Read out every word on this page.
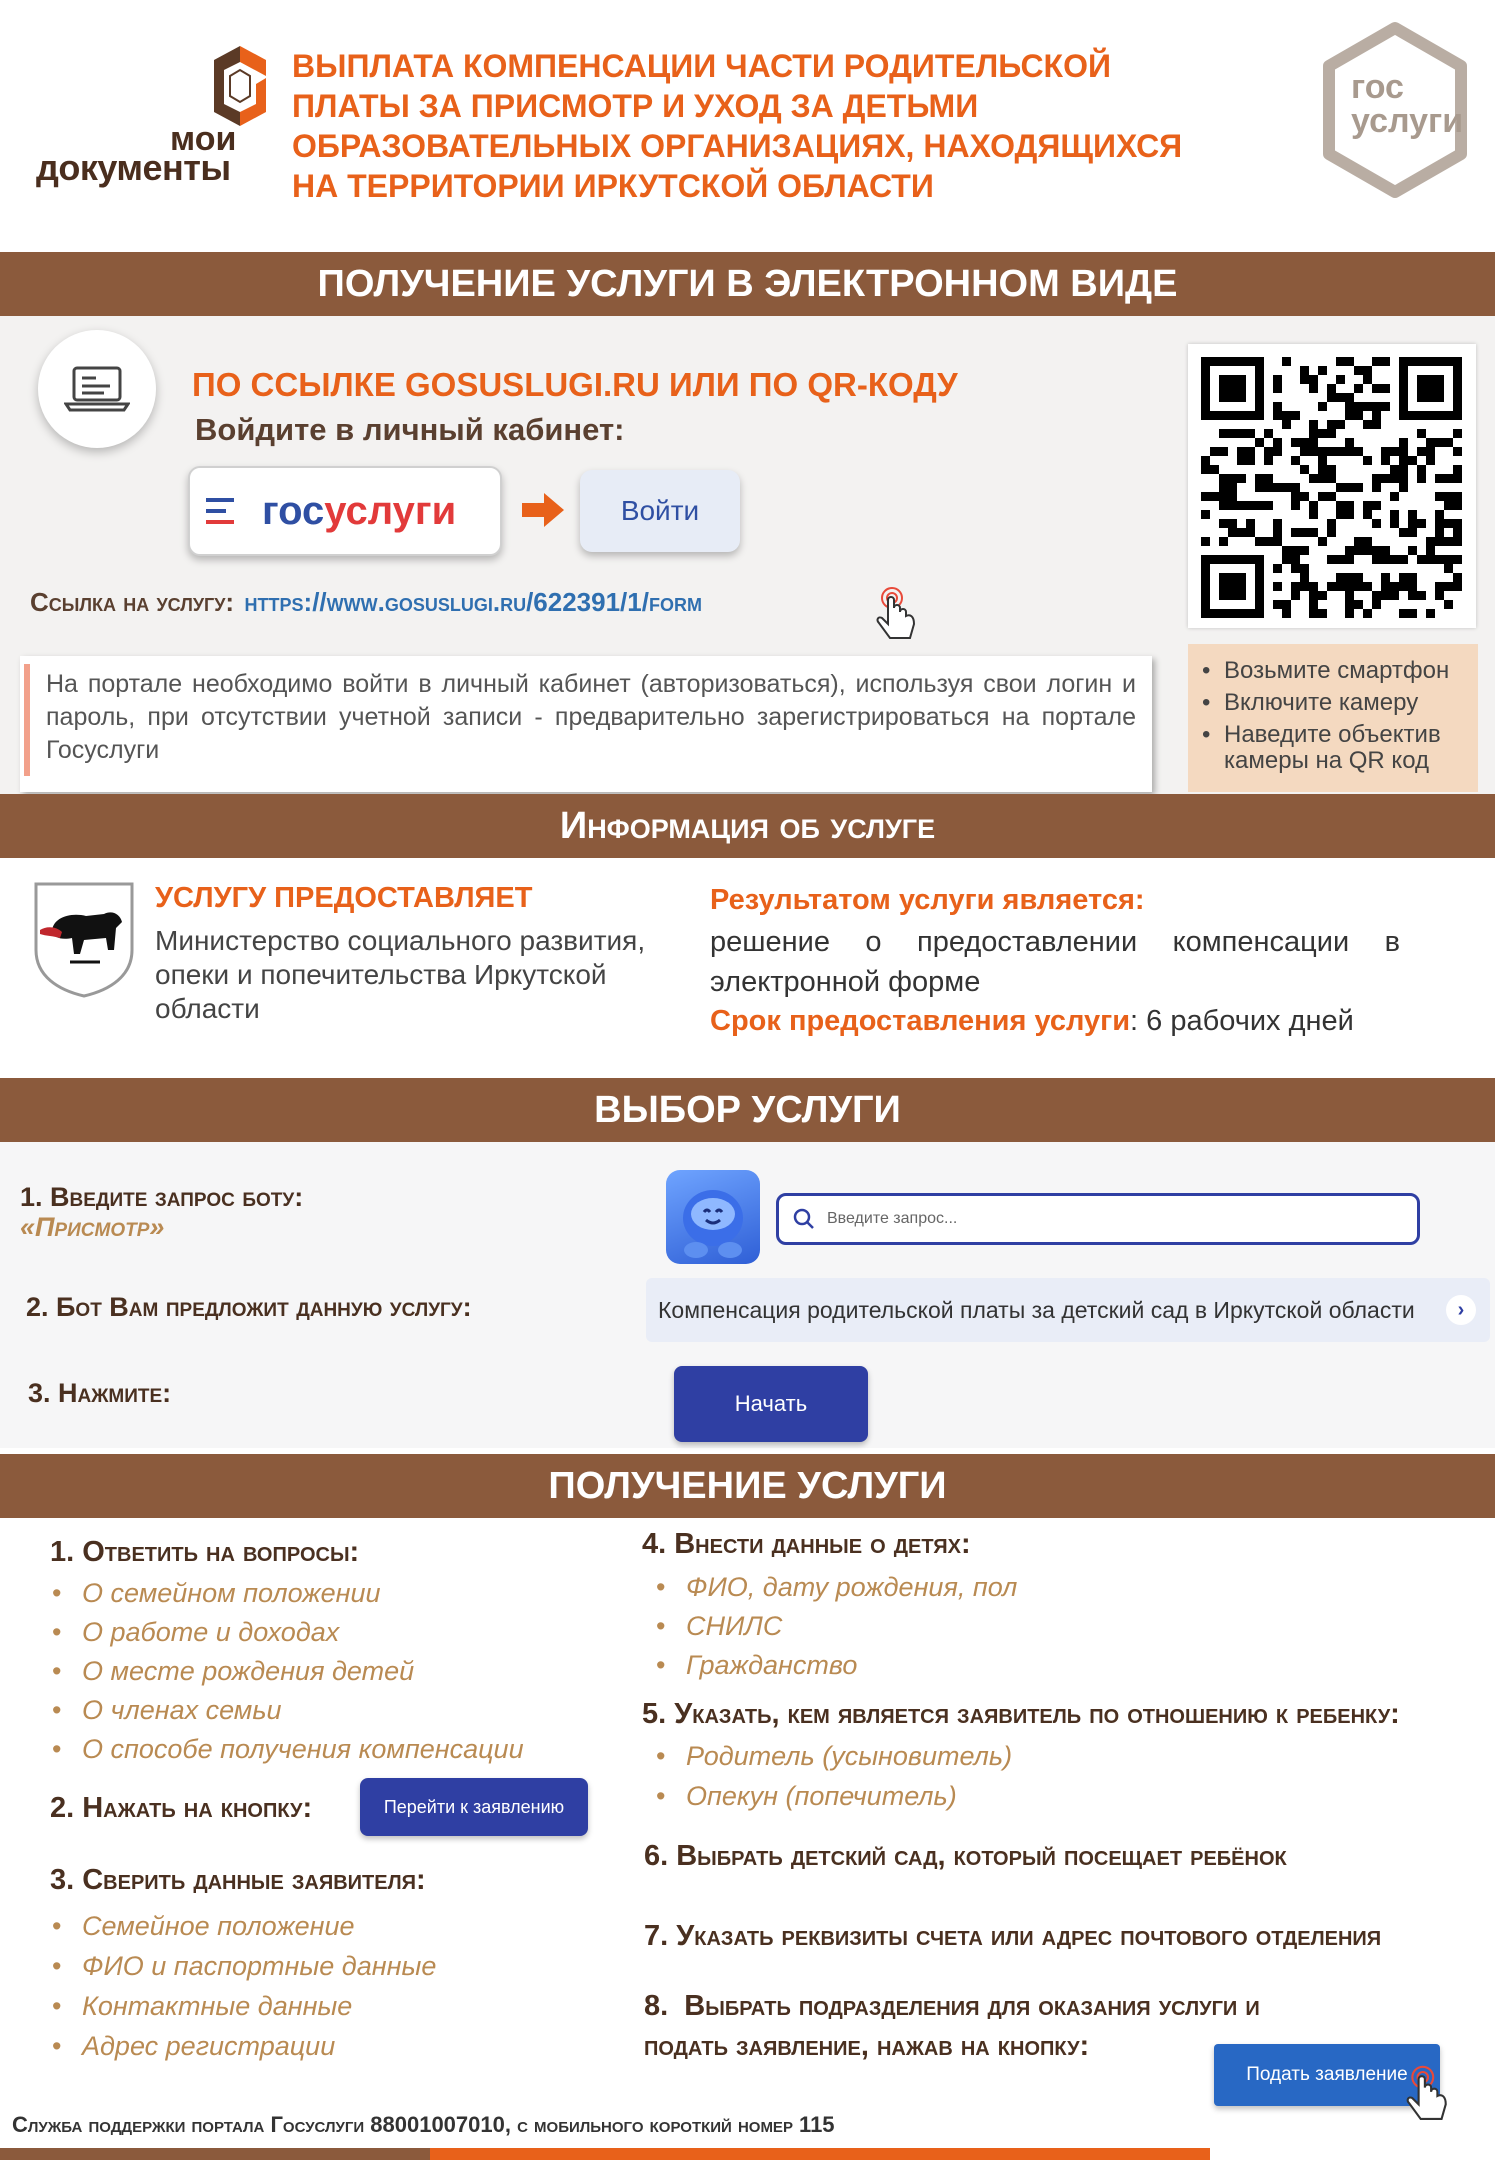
мои
документы
ВЫПЛАТА КОМПЕНСАЦИИ ЧАСТИ РОДИТЕЛЬСКОЙ
ПЛАТЫ ЗА ПРИСМОТР И УХОД ЗА ДЕТЬМИ
ОБРАЗОВАТЕЛЬНЫХ ОРГАНИЗАЦИЯХ, НАХОДЯЩИХСЯ
НА ТЕРРИТОРИИ ИРКУТСКОЙ ОБЛАСТИ
гос
услуги
ПОЛУЧЕНИЕ УСЛУГИ В ЭЛЕКТРОННОМ ВИДЕ
ПО ССЫЛКЕ GOSUSLUGI.RU ИЛИ ПО QR-КОДУ
Войдите в личный кабинет:
гос услуги	Войти
Ссылка на услугу: https://www.gosuslugi.ru/622391/1/form
На портале необходимо войти в личный кабинет (авторизоваться), используя свои логин и пароль, при отсутствии учетной записи - предварительно зарегистрироваться на портале Госуслуги
• Возьмите смартфон
• Включите камеру
• Наведите объектив камеры на QR код
Информация об услуге
УСЛУГУ ПРЕДОСТАВЛЯЕТ
Министерство социального развития, опеки и попечительства Иркутской области
Результатом услуги является:
решение о предоставлении компенсации в электронной форме
Срок предоставления услуги: 6 рабочих дней
ВЫБОР УСЛУГИ
1. Введите запрос боту:
«Присмотр»	Введите запрос...
2. Бот Вам предложит данную услугу:	Компенсация родительской платы за детский сад в Иркутской области	›
3. Нажмите:	Начать
ПОЛУЧЕНИЕ УСЛУГИ
1. Ответить на вопросы:
• О семейном положении
• О работе и доходах
• О месте рождения детей
• О членах семьи
• О способе получения компенсации
2. Нажать на кнопку:	Перейти к заявлению
3. Сверить данные заявителя:
• Семейное положение
• ФИО и паспортные данные
• Контактные данные
• Адрес регистрации
4. Внести данные о детях:
• ФИО, дату рождения, пол
• СНИЛС
• Гражданство
5. Указать, кем является заявитель по отношению к ребенку:
• Родитель (усыновитель)
• Опекун (попечитель)
6. Выбрать детский сад, который посещает ребёнок
7. Указать реквизиты счета или адрес почтового отделения
8.  Выбрать подразделения для оказания услуги и
подать заявление, нажав на кнопку:
Подать заявление
Служба поддержки портала Госуслуги 88001007010, с мобильного короткий номер 115
